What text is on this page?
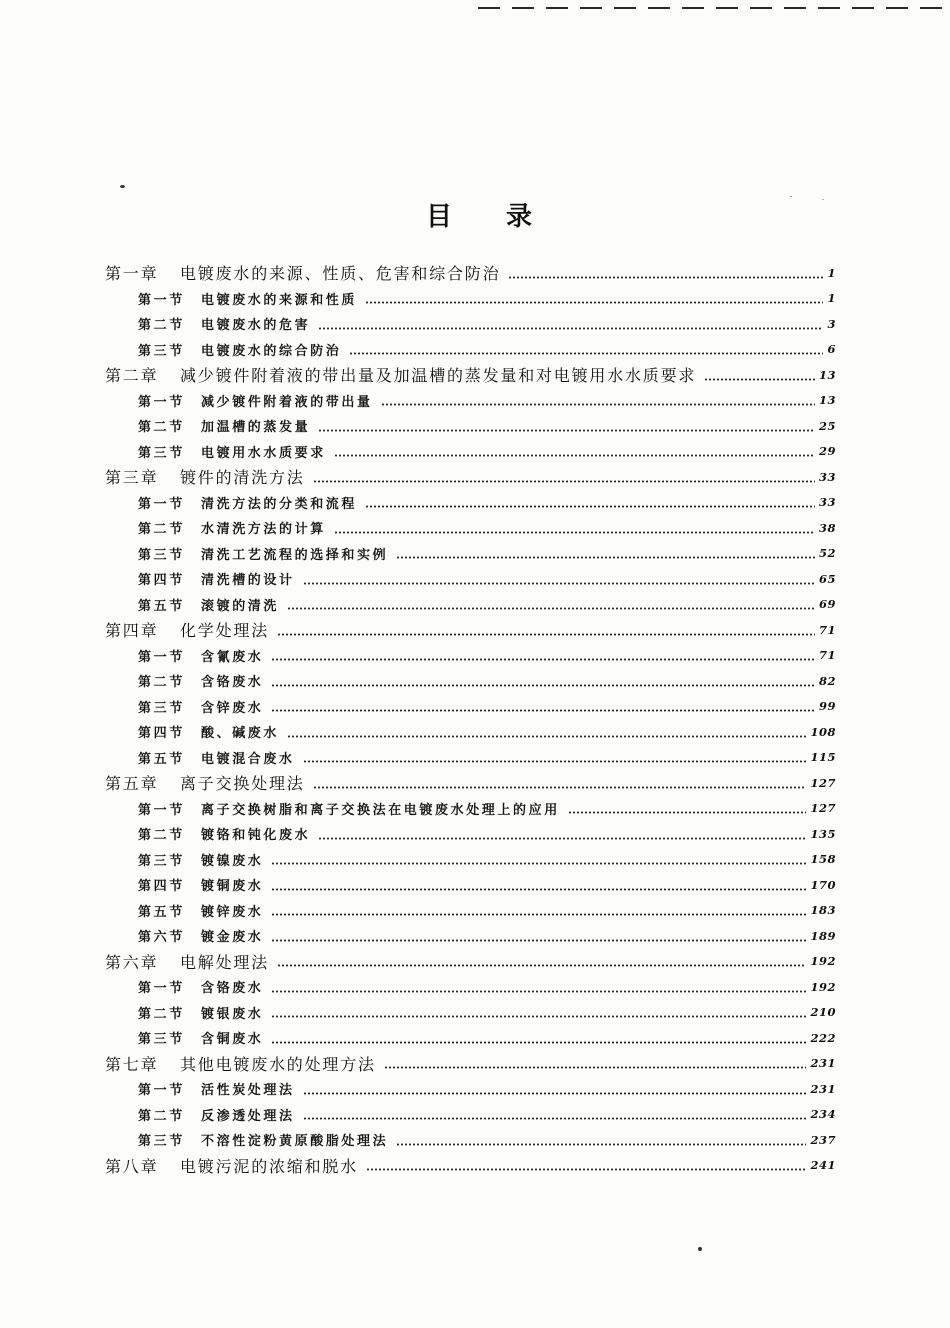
目　录
第一章	电镀废水的来源、性质、危害和综合防治	1
第一节	电镀废水的来源和性质	1
第二节	电镀废水的危害	3
第三节	电镀废水的综合防治	6
第二章	减少镀件附着液的带出量及加温槽的蒸发量和对电镀用水水质要求	13
第一节	减少镀件附着液的带出量	13
第二节	加温槽的蒸发量	25
第三节	电镀用水水质要求	29
第三章	镀件的清洗方法	33
第一节	清洗方法的分类和流程	33
第二节	水清洗方法的计算	38
第三节	清洗工艺流程的选择和实例	52
第四节	清洗槽的设计	65
第五节	滚镀的清洗	69
第四章	化学处理法	71
第一节	含氰废水	71
第二节	含铬废水	82
第三节	含锌废水	99
第四节	酸、碱废水	108
第五节	电镀混合废水	115
第五章	离子交换处理法	127
第一节	离子交换树脂和离子交换法在电镀废水处理上的应用	127
第二节	镀铬和钝化废水	135
第三节	镀镍废水	158
第四节	镀铜废水	170
第五节	镀锌废水	183
第六节	镀金废水	189
第六章	电解处理法	192
第一节	含铬废水	192
第二节	镀银废水	210
第三节	含铜废水	222
第七章	其他电镀废水的处理方法	231
第一节	活性炭处理法	231
第二节	反渗透处理法	234
第三节	不溶性淀粉黄原酸脂处理法	237
第八章	电镀污泥的浓缩和脱水	241
